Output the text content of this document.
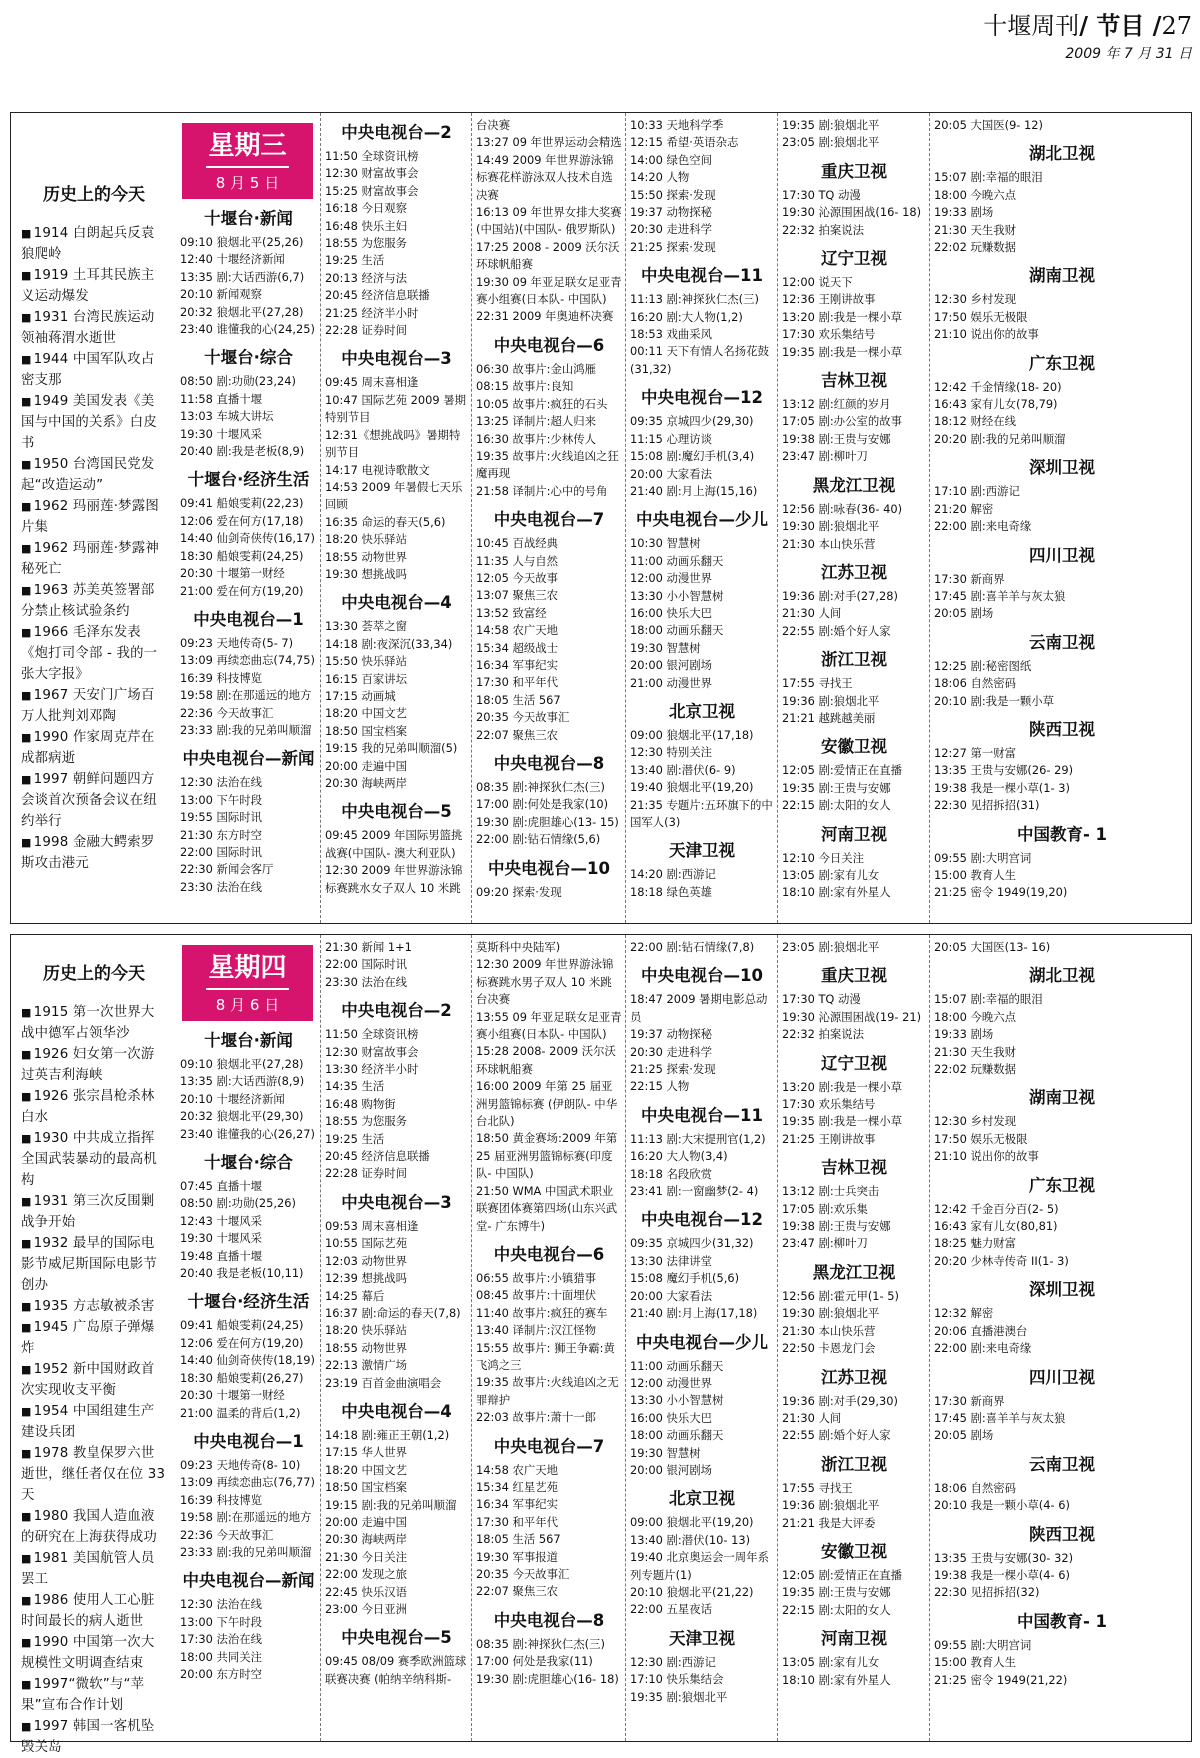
十堰周刊/ 节目 /27
2009 年 7 月 31 日
历史上的今天
■ 1914 白朗起兵反袁狼爬岭
■ 1919 土耳其民族主义运动爆发
■ 1931 台湾民族运动领袖蒋渭水逝世
■ 1944 中国军队攻占密支那
■ 1949 美国发表《美国与中国的关系》白皮书
■ 1950 台湾国民党发起“改造运动”
■ 1962 玛丽莲·梦露图片集
■ 1962 玛丽莲·梦露神秘死亡
■ 1963 苏美英签署部分禁止核试验条约
■ 1966 毛泽东发表《炮打司令部 - 我的一张大字报》
■ 1967 天安门广场百万人批判刘邓陶
■ 1990 作家周克芹在成都病逝
■ 1997 朝鲜问题四方会谈首次预备会议在纽约举行
■ 1998 金融大鳄索罗斯攻击港元
星期三
8 月 5 日
十堰台·新闻
09:10 狼烟北平(25,26)
12:40 十堰经济新闻
13:35 剧:大话西游(6,7)
20:10 新闻观察
20:32 狼烟北平(27,28)
23:40 谁懂我的心(24,25)
十堰台·综合
08:50 剧:功勋(23,24)
11:58 直播十堰
13:03 车城大讲坛
19:30 十堰风采
20:40 剧:我是老板(8,9)
十堰台·经济生活
09:41 船娘雯莉(22,23)
12:06 爱在何方(17,18)
14:40 仙剑奇侠传(16,17)
18:30 船娘雯莉(24,25)
20:30 十堰第一财经
21:00 爱在何方(19,20)
中央电视台—1
09:23 天地传奇(5- 7)
13:09 再续恋曲忘(74,75)
16:39 科技博览
19:58 剧:在那遥远的地方
22:36 今天故事汇
23:33 剧:我的兄弟叫顺溜
中央电视台—新闻
12:30 法治在线
13:00 下午时段
19:55 国际时讯
21:30 东方时空
22:00 国际时讯
22:30 新闻会客厅
23:30 法治在线
中央电视台—2
11:50 全球资讯榜
12:30 财富故事会
15:25 财富故事会
16:18 今日观察
16:48 快乐主妇
18:55 为您服务
19:25 生活
20:13 经济与法
20:45 经济信息联播
21:25 经济半小时
22:28 证券时间
中央电视台—3
09:45 周末喜相逢
10:47 国际艺苑 2009 暑期特别节目
12:31《想挑战吗》暑期特别节目
14:17 电视诗歌散文
14:53 2009 年暑假七天乐回顾
16:35 命运的春天(5,6)
18:20 快乐驿站
18:55 动物世界
19:30 想挑战吗
中央电视台—4
13:30 荟萃之窗
14:18 剧:夜深沉(33,34)
15:50 快乐驿站
16:15 百家讲坛
17:15 动画城
18:20 中国文艺
18:50 国宝档案
19:15 我的兄弟叫顺溜(5)
20:00 走遍中国
20:30 海峡两岸
中央电视台—5
09:45 2009 年国际男篮挑战赛(中国队- 澳大利亚队)
12:30 2009 年世界游泳锦标赛跳水女子双人 10 米跳
台决赛
13:27 09 年世界运动会精选
14:49 2009 年世界游泳锦标赛花样游泳双人技术自选决赛
16:13 09 年世界女排大奖赛(中国站)(中国队- 俄罗斯队)
17:25 2008 - 2009 沃尔沃环球帆船赛
19:30 09 年亚足联女足亚青赛小组赛(日本队- 中国队)
22:31 2009 年奥迪杯决赛
中央电视台—6
06:30 故事片:金山鸿雁
08:15 故事片:良知
10:05 故事片:疯狂的石头
13:25 译制片:超人归来
16:30 故事片:少林传人
19:35 故事片:火线追凶之狂魔再现
21:58 译制片:心中的号角
中央电视台—7
10:45 百战经典
11:35 人与自然
12:05 今天故事
13:07 聚焦三农
13:52 致富经
14:58 农广天地
15:34 超级战士
16:34 军事纪实
17:30 和平年代
18:05 生活 567
20:35 今天故事汇
22:07 聚焦三农
中央电视台—8
08:35 剧:神探狄仁杰(三)
17:00 剧:何处是我家(10)
19:30 剧:虎胆雄心(13- 15)
22:00 剧:钻石情缘(5,6)
中央电视台—10
09:20 探索·发现
10:33 天地科学季
12:15 希望·英语杂志
14:00 绿色空间
14:20 人物
15:50 探索·发现
19:37 动物探秘
20:30 走进科学
21:25 探索·发现
中央电视台—11
11:13 剧:神探狄仁杰(三)
16:20 剧:大人物(1,2)
18:53 戏曲采风
00:11 天下有情人名扬花鼓(31,32)
中央电视台—12
09:35 京城四少(29,30)
11:15 心理访谈
15:08 剧:魔幻手机(3,4)
20:00 大家看法
21:40 剧:月上海(15,16)
中央电视台—少儿
10:30 智慧树
11:00 动画乐翻天
12:00 动漫世界
13:30 小小智慧树
16:00 快乐大巴
18:00 动画乐翻天
19:30 智慧树
20:00 银河剧场
21:00 动漫世界
北京卫视
09:00 狼烟北平(17,18)
12:30 特别关注
13:40 剧:潜伏(6- 9)
19:40 狼烟北平(19,20)
21:35 专题片:五环旗下的中国军人(3)
天津卫视
14:20 剧:西游记
18:18 绿色英雄
19:35 剧:狼烟北平
23:05 剧:狼烟北平
重庆卫视
17:30 TQ 动漫
19:30 沁源围困战(16- 18)
22:32 拍案说法
辽宁卫视
12:00 说天下
12:36 王刚讲故事
13:20 剧:我是一棵小草
17:30 欢乐集结号
19:35 剧:我是一棵小草
吉林卫视
13:12 剧:红颜的岁月
17:05 剧:办公室的故事
19:38 剧:王贵与安娜
23:47 剧:柳叶刀
黑龙江卫视
12:56 剧:咏春(36- 40)
19:30 剧:狼烟北平
21:30 本山快乐营
江苏卫视
19:36 剧:对手(27,28)
21:30 人间
22:55 剧:婚个好人家
浙江卫视
17:55 寻找王
19:36 剧:狼烟北平
21:21 越跳越美丽
安徽卫视
12:05 剧:爱情正在直播
19:35 剧:王贵与安娜
22:15 剧:太阳的女人
河南卫视
12:10 今日关注
13:05 剧:家有儿女
18:10 剧:家有外星人
20:05 大国医(9- 12)
湖北卫视
15:07 剧:幸福的眼泪
18:00 今晚六点
19:33 剧场
21:30 天生我财
22:02 玩赚数据
湖南卫视
12:30 乡村发现
17:50 娱乐无极限
21:10 说出你的故事
广东卫视
12:42 千金情缘(18- 20)
16:43 家有儿女(78,79)
18:12 财经在线
20:20 剧:我的兄弟叫顺溜
深圳卫视
17:10 剧:西游记
21:20 解密
22:00 剧:来电奇缘
四川卫视
17:30 新商界
17:45 剧:喜羊羊与灰太狼
20:05 剧场
云南卫视
12:25 剧:秘密图纸
18:06 自然密码
20:10 剧:我是一颗小草
陕西卫视
12:27 第一财富
13:35 王贵与安娜(26- 29)
19:38 我是一棵小草(1- 3)
22:30 见招拆招(31)
中国教育- 1
09:55 剧:大明宫词
15:00 教育人生
21:25 密令 1949(19,20)
历史上的今天
■ 1915 第一次世界大战中德军占领华沙
■ 1926 妇女第一次游过英吉利海峡
■ 1926 张宗昌枪杀林白水
■ 1930 中共成立指挥全国武装暴动的最高机构
■ 1931 第三次反围剿战争开始
■ 1932 最早的国际电影节威尼斯国际电影节创办
■ 1935 方志敏被杀害
■ 1945 广岛原子弹爆炸
■ 1952 新中国财政首次实现收支平衡
■ 1954 中国组建生产建设兵团
■ 1978 教皇保罗六世逝世，继任者仅在位 33 天
■ 1980 我国人造血液的研究在上海获得成功
■ 1981 美国航管人员罢工
■ 1986 使用人工心脏时间最长的病人逝世
■ 1990 中国第一次大规模性文明调查结束
■ 1997“微软”与“苹果”宣布合作计划
■ 1997 韩国一客机坠毁关岛
星期四
8 月 6 日
十堰台·新闻
09:10 狼烟北平(27,28)
13:35 剧:大话西游(8,9)
20:10 十堰经济新闻
20:32 狼烟北平(29,30)
23:40 谁懂我的心(26,27)
十堰台·综合
07:45 直播十堰
08:50 剧:功勋(25,26)
12:43 十堰风采
19:30 十堰风采
19:48 直播十堰
20:40 我是老板(10,11)
十堰台·经济生活
09:41 船娘雯莉(24,25)
12:06 爱在何方(19,20)
14:40 仙剑奇侠传(18,19)
18:30 船娘雯莉(26,27)
20:30 十堰第一财经
21:00 温柔的背后(1,2)
中央电视台—1
09:23 天地传奇(8- 10)
13:09 再续恋曲忘(76,77)
16:39 科技博览
19:58 剧:在那遥远的地方
22:36 今天故事汇
23:33 剧:我的兄弟叫顺溜
中央电视台—新闻
12:30 法治在线
13:00 下午时段
17:30 法治在线
18:00 共同关注
20:00 东方时空
21:30 新闻 1+1
22:00 国际时讯
23:30 法治在线
中央电视台—2
11:50 全球资讯榜
12:30 财富故事会
13:30 经济半小时
14:35 生活
16:48 购物街
18:55 为您服务
19:25 生活
20:45 经济信息联播
22:28 证券时间
中央电视台—3
09:53 周末喜相逢
10:55 国际艺苑
12:03 动物世界
12:39 想挑战吗
14:25 幕后
16:37 剧:命运的春天(7,8)
18:20 快乐驿站
18:55 动物世界
22:13 激情广场
23:19 百首金曲演唱会
中央电视台—4
14:18 剧:雍正王朝(1,2)
17:15 华人世界
18:20 中国文艺
18:50 国宝档案
19:15 剧:我的兄弟叫顺溜
20:00 走遍中国
20:30 海峡两岸
21:30 今日关注
22:00 发现之旅
22:45 快乐汉语
23:00 今日亚洲
中央电视台—5
09:45 08/09 赛季欧洲篮球联赛决赛 (帕纳辛纳科斯-
莫斯科中央陆军)
12:30 2009 年世界游泳锦标赛跳水男子双人 10 米跳台决赛
13:55 09 年亚足联女足亚青赛小组赛(日本队- 中国队)
15:28 2008- 2009 沃尔沃环球帆船赛
16:00 2009 年第 25 届亚洲男篮锦标赛 (伊朗队- 中华台北队)
18:50 黄金赛场:2009 年第 25 届亚洲男篮锦标赛(印度队- 中国队)
21:50 WMA 中国武术职业联赛团体赛第四场(山东兴武堂- 广东博牛)
中央电视台—6
06:55 故事片:小镇猎事
08:45 故事片:十面埋伏
11:40 故事片:疯狂的赛车
13:40 译制片:汉江怪物
15:55 故事片: 狮王争霸:黄飞鸿之三
19:35 故事片:火线追凶之无罪辩护
22:03 故事片:萧十一郎
中央电视台—7
14:58 农广天地
15:34 红星艺苑
16:34 军事纪实
17:30 和平年代
18:05 生活 567
19:30 军事报道
20:35 今天故事汇
22:07 聚焦三农
中央电视台—8
08:35 剧:神探狄仁杰(三)
17:00 何处是我家(11)
19:30 剧:虎胆雄心(16- 18)
22:00 剧:钻石情缘(7,8)
中央电视台—10
18:47 2009 暑期电影总动员
19:37 动物探秘
20:30 走进科学
21:25 探索·发现
22:15 人物
中央电视台—11
11:13 剧:大宋提刑官(1,2)
16:20 大人物(3,4)
18:18 名段欣赏
23:41 剧:一窗幽梦(2- 4)
中央电视台—12
09:35 京城四少(31,32)
13:30 法律讲堂
15:08 魔幻手机(5,6)
20:00 大家看法
21:40 剧:月上海(17,18)
中央电视台—少儿
11:00 动画乐翻天
12:00 动漫世界
13:30 小小智慧树
16:00 快乐大巴
18:00 动画乐翻天
19:30 智慧树
20:00 银河剧场
北京卫视
09:00 狼烟北平(19,20)
13:40 剧:潜伏(10- 13)
19:40 北京奥运会一周年系列专题片(1)
20:10 狼烟北平(21,22)
22:00 五星夜话
天津卫视
12:30 剧:西游记
17:10 快乐集结会
19:35 剧:狼烟北平
23:05 剧:狼烟北平
重庆卫视
17:30 TQ 动漫
19:30 沁源围困战(19- 21)
22:32 拍案说法
辽宁卫视
13:20 剧:我是一棵小草
17:30 欢乐集结号
19:35 剧:我是一棵小草
21:25 王刚讲故事
吉林卫视
13:12 剧:士兵突击
17:05 剧:欢乐集
19:38 剧:王贵与安娜
23:47 剧:柳叶刀
黑龙江卫视
12:56 剧:霍元甲(1- 5)
19:30 剧:狼烟北平
21:30 本山快乐营
22:50 卡恩龙门会
江苏卫视
19:36 剧:对手(29,30)
21:30 人间
22:55 剧:婚个好人家
浙江卫视
17:55 寻找王
19:36 剧:狼烟北平
21:21 我是大评委
安徽卫视
12:05 剧:爱情正在直播
19:35 剧:王贵与安娜
22:15 剧:太阳的女人
河南卫视
13:05 剧:家有儿女
18:10 剧:家有外星人
20:05 大国医(13- 16)
湖北卫视
15:07 剧:幸福的眼泪
18:00 今晚六点
19:33 剧场
21:30 天生我财
22:02 玩赚数据
湖南卫视
12:30 乡村发现
17:50 娱乐无极限
21:10 说出你的故事
广东卫视
12:42 千金百分百(2- 5)
16:43 家有儿女(80,81)
18:25 魅力财富
20:20 少林寺传奇 II(1- 3)
深圳卫视
12:32 解密
20:06 直播港澳台
22:00 剧:来电奇缘
四川卫视
17:30 新商界
17:45 剧:喜羊羊与灰太狼
20:05 剧场
云南卫视
18:06 自然密码
20:10 我是一颗小草(4- 6)
陕西卫视
13:35 王贵与安娜(30- 32)
19:38 我是一棵小草(4- 6)
22:30 见招拆招(32)
中国教育- 1
09:55 剧:大明宫词
15:00 教育人生
21:25 密令 1949(21,22)
